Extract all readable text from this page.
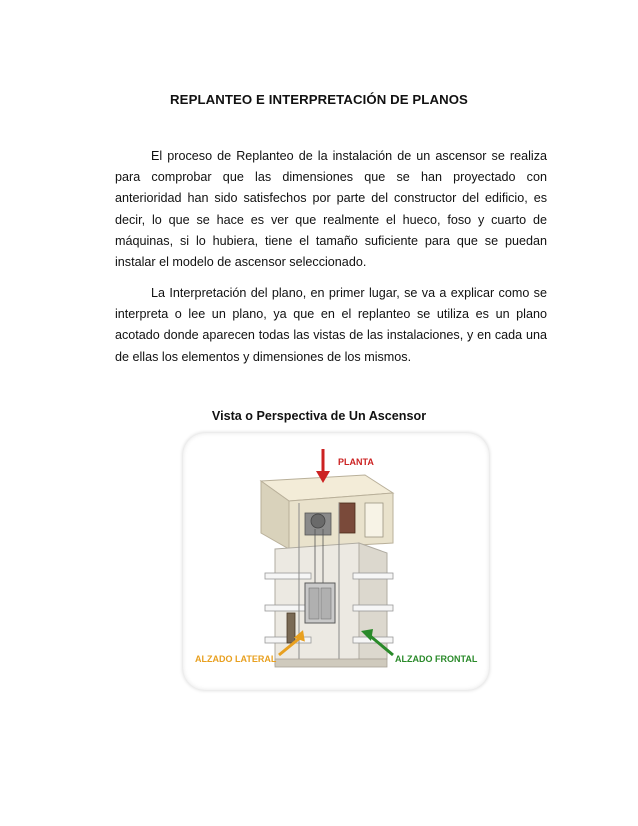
REPLANTEO E INTERPRETACIÓN DE PLANOS

El proceso de Replanteo de la instalación de un ascensor se realiza para comprobar que las dimensiones que se han proyectado con anterioridad han sido satisfechos por parte del constructor del edificio, es decir, lo que se hace es ver que realmente el hueco, foso y cuarto de máquinas, si lo hubiera, tiene el tamaño suficiente para que se puedan instalar el modelo de ascensor seleccionado.

La Interpretación del plano, en primer lugar, se va a explicar como se interpreta o lee un plano, ya que en el replanteo se utiliza es un plano acotado donde aparecen todas las vistas de las instalaciones, y en cada una de ellas los elementos y dimensiones de los mismos.

Vista o Perspectiva de Un Ascensor
PLANTA
ALZADO LATERAL	ALZADO FRONTAL
